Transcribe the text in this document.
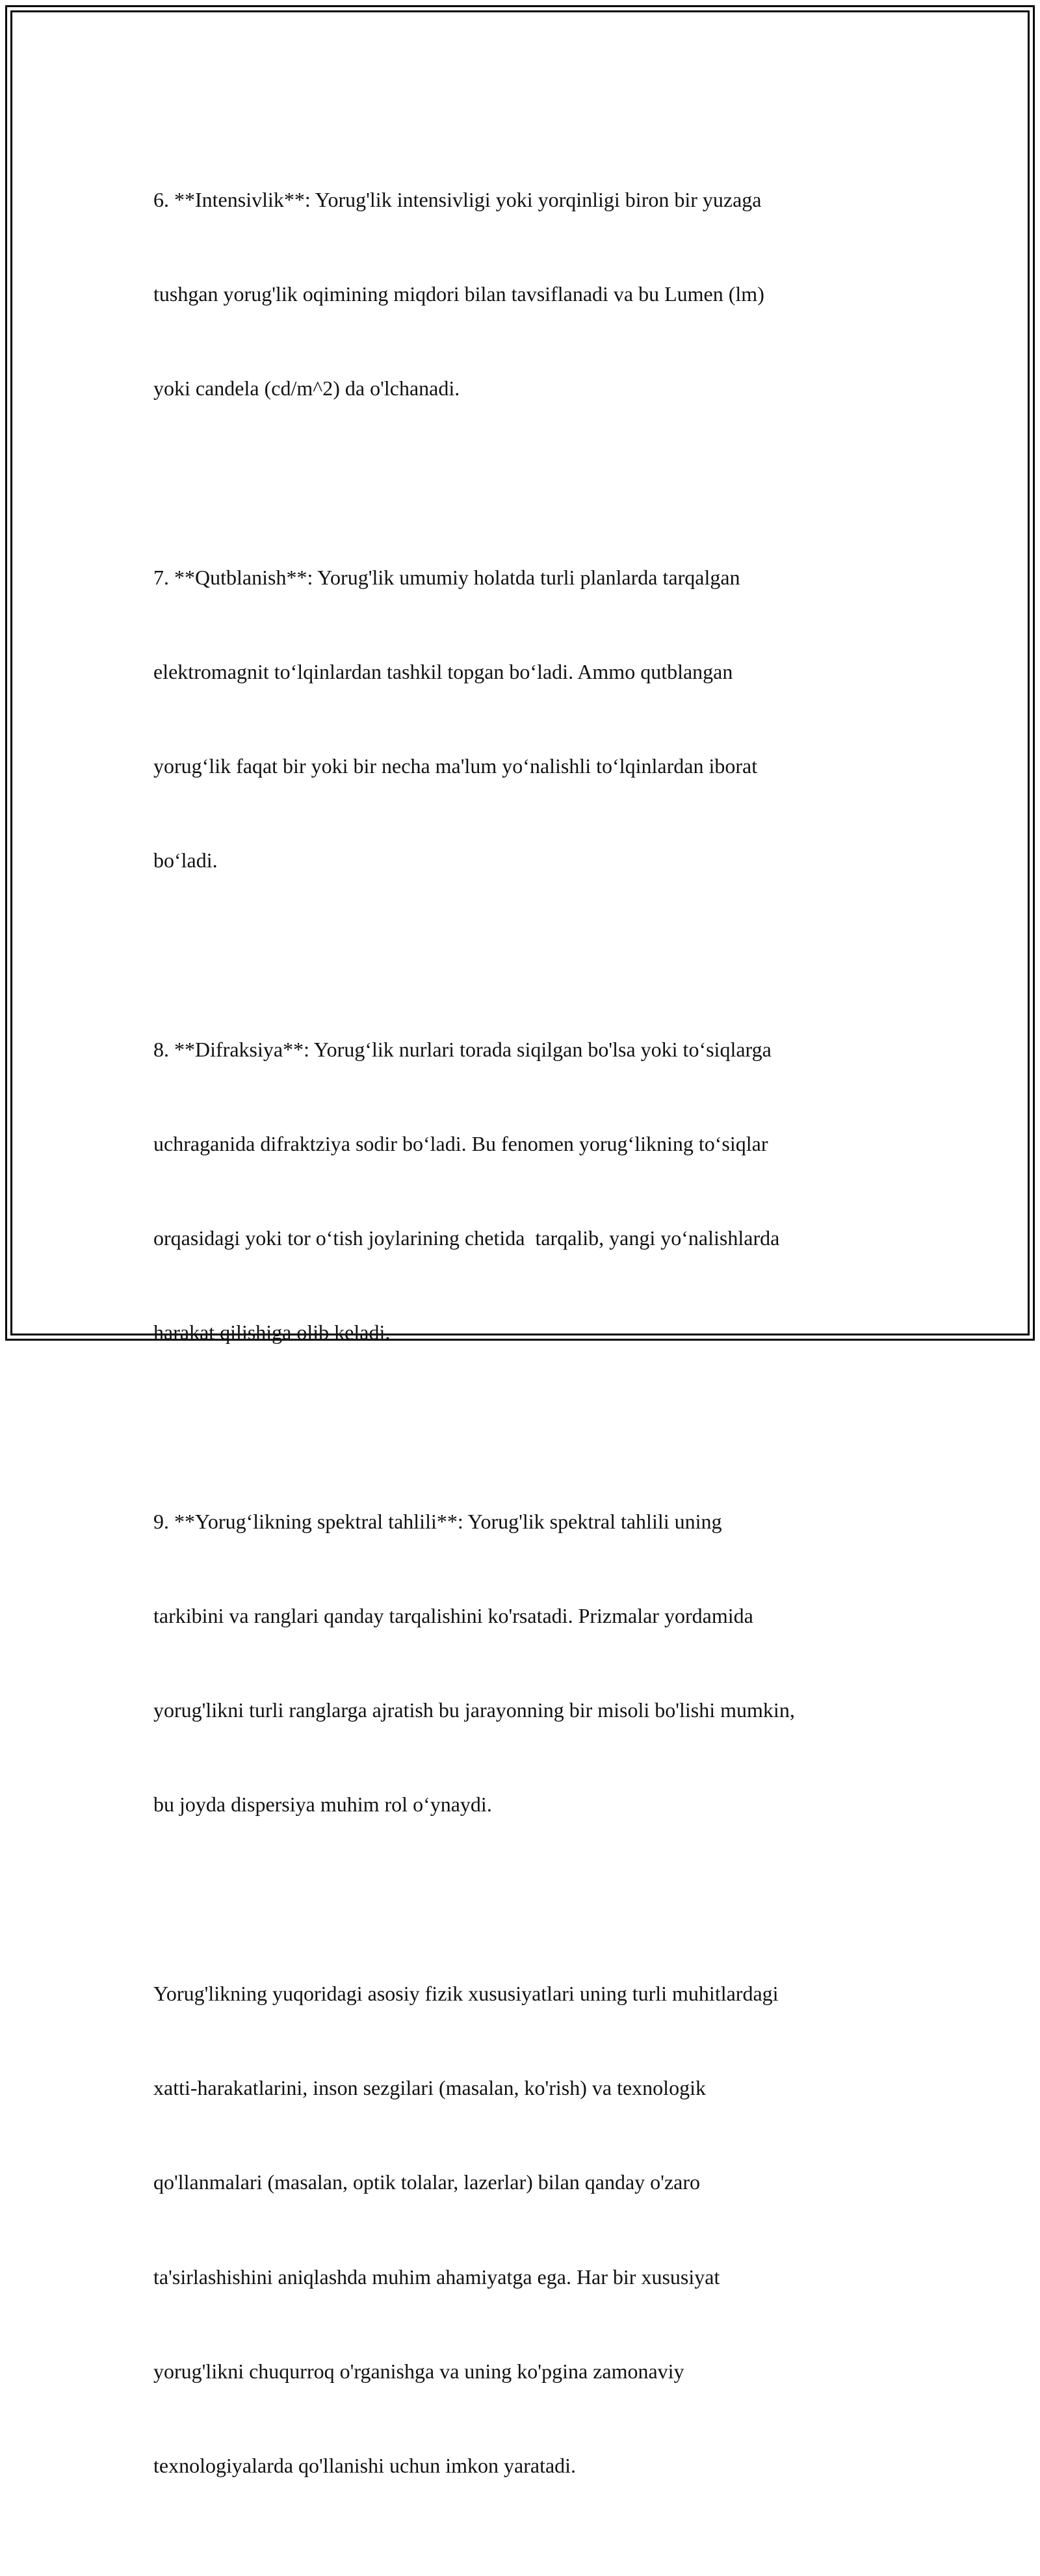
6. **Intensivlik**: Yorug'lik intensivligi yoki yorqinligi biron bir yuzaga

tushgan yorug'lik oqimining miqdori bilan tavsiflanadi va bu Lumen (lm)

yoki candela (cd/m^2) da o'lchanadi.

7. **Qutblanish**: Yorug'lik umumiy holatda turli planlarda tarqalgan

elektromagnit to‘lqinlardan tashkil topgan bo‘ladi. Ammo qutblangan

yorug‘lik faqat bir yoki bir necha ma'lum yo‘nalishli to‘lqinlardan iborat

bo‘ladi.

8. **Difraksiya**: Yorug‘lik nurlari torada siqilgan bo'lsa yoki to‘siqlarga

uchraganida difraktziya sodir bo‘ladi. Bu fenomen yorug‘likning to‘siqlar

orqasidagi yoki tor o‘tish joylarining chetida  tarqalib, yangi yo‘nalishlarda

harakat qilishiga olib keladi.

9. **Yorug‘likning spektral tahlili**: Yorug'lik spektral tahlili uning

tarkibini va ranglari qanday tarqalishini ko'rsatadi. Prizmalar yordamida

yorug'likni turli ranglarga ajratish bu jarayonning bir misoli bo'lishi mumkin,

bu joyda dispersiya muhim rol o‘ynaydi.

Yorug'likning yuqoridagi asosiy fizik xususiyatlari uning turli muhitlardagi

xatti-harakatlarini, inson sezgilari (masalan, ko'rish) va texnologik

qo'llanmalari (masalan, optik tolalar, lazerlar) bilan qanday o'zaro

ta'sirlashishini aniqlashda muhim ahamiyatga ega. Har bir xususiyat

yorug'likni chuqurroq o'rganishga va uning ko'pgina zamonaviy

texnologiyalarda qo'llanishi uchun imkon yaratadi.
